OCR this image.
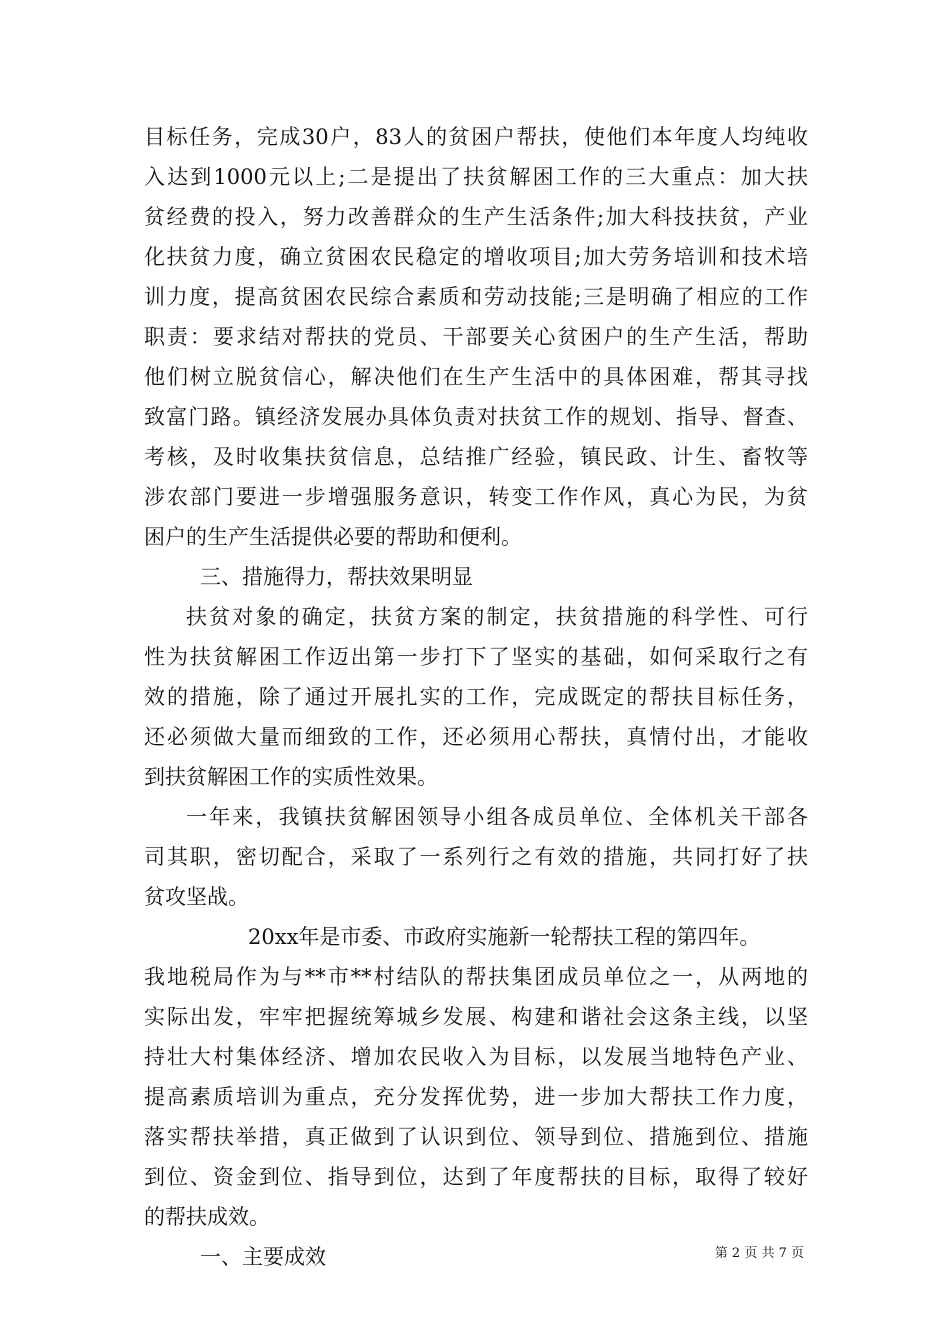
目标任务，完成30户，83人的贫困户帮扶，使他们本年度人均纯收
入达到1000元以上;二是提出了扶贫解困工作的三大重点：加大扶
贫经费的投入，努力改善群众的生产生活条件;加大科技扶贫，产业
化扶贫力度，确立贫困农民稳定的增收项目;加大劳务培训和技术培
训力度，提高贫困农民综合素质和劳动技能;三是明确了相应的工作
职责：要求结对帮扶的党员、干部要关心贫困户的生产生活，帮助
他们树立脱贫信心，解决他们在生产生活中的具体困难，帮其寻找
致富门路。镇经济发展办具体负责对扶贫工作的规划、指导、督查、
考核，及时收集扶贫信息，总结推广经验，镇民政、计生、畜牧等
涉农部门要进一步增强服务意识，转变工作作风，真心为民，为贫
困户的生产生活提供必要的帮助和便利。
三、措施得力，帮扶效果明显
扶贫对象的确定，扶贫方案的制定，扶贫措施的科学性、可行
性为扶贫解困工作迈出第一步打下了坚实的基础，如何采取行之有
效的措施，除了通过开展扎实的工作，完成既定的帮扶目标任务，
还必须做大量而细致的工作，还必须用心帮扶，真情付出，才能收
到扶贫解困工作的实质性效果。
一年来，我镇扶贫解困领导小组各成员单位、全体机关干部各
司其职，密切配合，采取了一系列行之有效的措施，共同打好了扶
贫攻坚战。
20xx年是市委、市政府实施新一轮帮扶工程的第四年。
我地税局作为与**市**村结队的帮扶集团成员单位之一，从两地的
实际出发，牢牢把握统筹城乡发展、构建和谐社会这条主线，以坚
持壮大村集体经济、增加农民收入为目标，以发展当地特色产业、
提高素质培训为重点，充分发挥优势，进一步加大帮扶工作力度，
落实帮扶举措，真正做到了认识到位、领导到位、措施到位、措施
到位、资金到位、指导到位，达到了年度帮扶的目标，取得了较好
的帮扶成效。
一、主要成效	第 2 页 共 7 页
